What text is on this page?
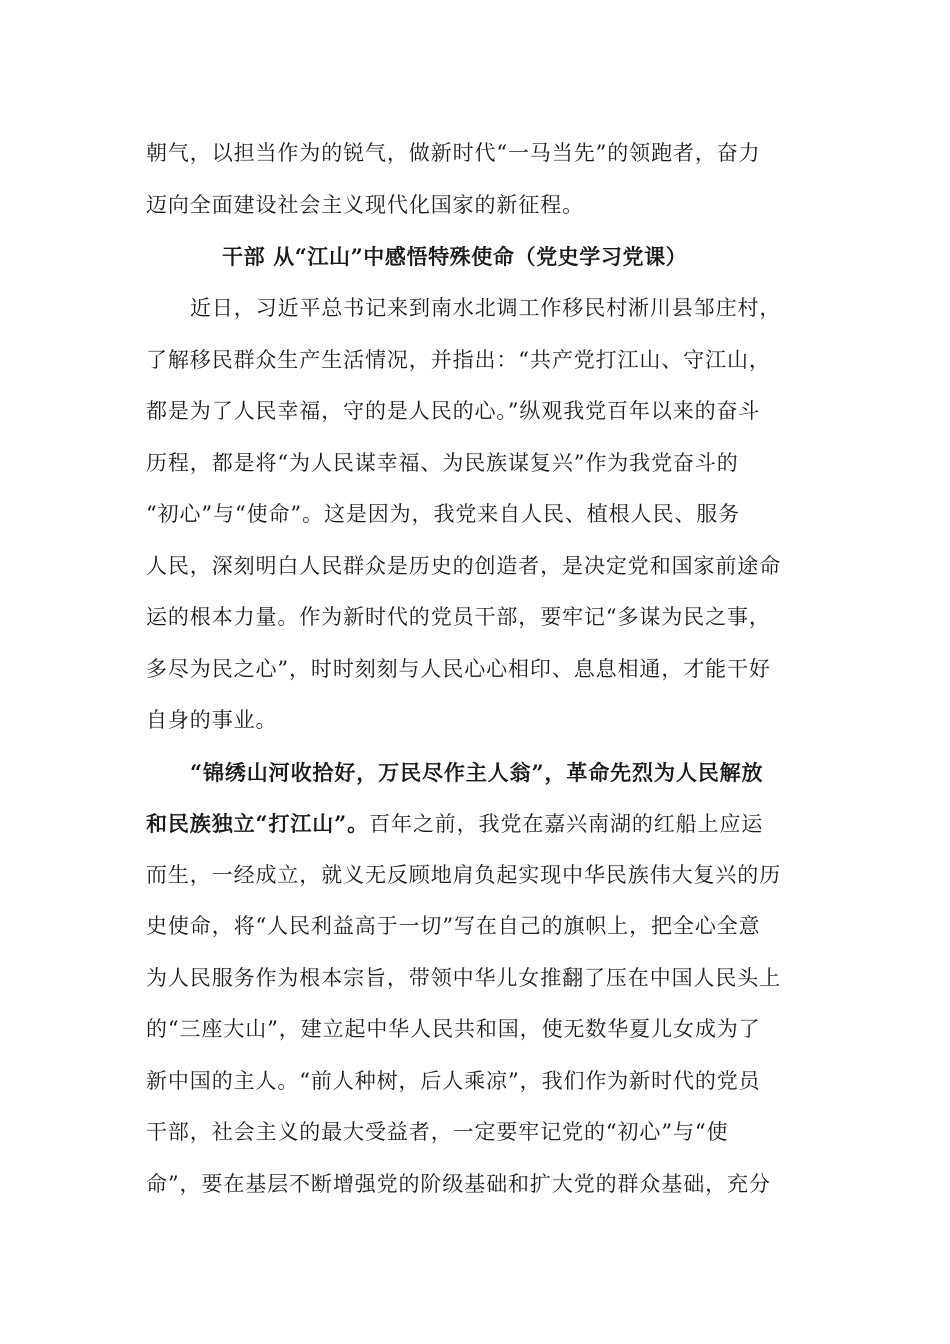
朝气，以担当作为的锐气，做新时代“一马当先”的领跑者，奋力
迈向全面建设社会主义现代化国家的新征程。
干部 从“江山”中感悟特殊使命（党史学习党课）
近日，习近平总书记来到南水北调工作移民村淅川县邹庄村，
了解移民群众生产生活情况，并指出：“共产党打江山、守江山，
都是为了人民幸福，守的是人民的心。”纵观我党百年以来的奋斗
历程，都是将“为人民谋幸福、为民族谋复兴”作为我党奋斗的
“初心”与“使命”。这是因为，我党来自人民、植根人民、服务
人民，深刻明白人民群众是历史的创造者，是决定党和国家前途命
运的根本力量。作为新时代的党员干部，要牢记“多谋为民之事，
多尽为民之心”，时时刻刻与人民心心相印、息息相通，才能干好
自身的事业。
“锦绣山河收拾好，万民尽作主人翁”，革命先烈为人民解放
和民族独立“打江山”。百年之前，我党在嘉兴南湖的红船上应运
而生，一经成立，就义无反顾地肩负起实现中华民族伟大复兴的历
史使命，将“人民利益高于一切”写在自己的旗帜上，把全心全意
为人民服务作为根本宗旨，带领中华儿女推翻了压在中国人民头上
的“三座大山”，建立起中华人民共和国，使无数华夏儿女成为了
新中国的主人。“前人种树，后人乘凉”，我们作为新时代的党员
干部，社会主义的最大受益者，一定要牢记党的“初心”与“使
命”，要在基层不断增强党的阶级基础和扩大党的群众基础，充分
